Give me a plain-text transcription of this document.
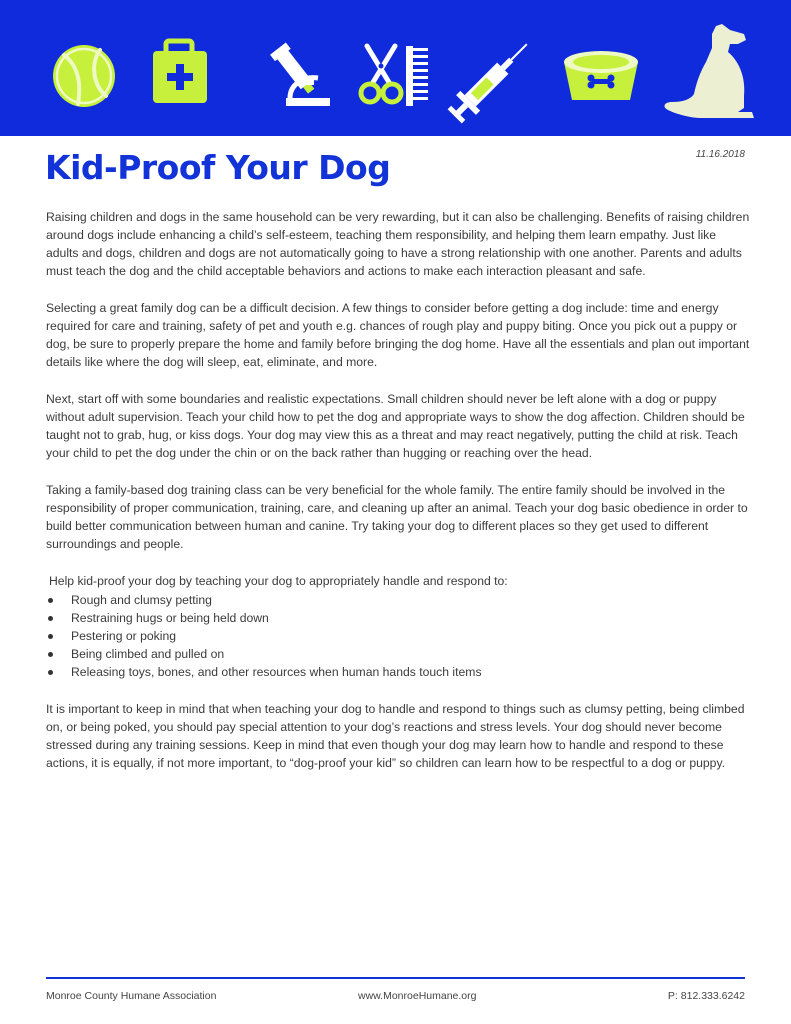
11.16.2018
Kid-Proof Your Dog

Raising children and dogs in the same household can be very rewarding, but it can also be challenging. Benefits of raising children around dogs include enhancing a child’s self-esteem, teaching them responsibility, and helping them learn empathy. Just like adults and dogs, children and dogs are not automatically going to have a strong relationship with one another. Parents and adults must teach the dog and the child acceptable behaviors and actions to make each interaction pleasant and safe.

Selecting a great family dog can be a difficult decision. A few things to consider before getting a dog include: time and energy required for care and training, safety of pet and youth e.g. chances of rough play and puppy biting. Once you pick out a puppy or dog, be sure to properly prepare the home and family before bringing the dog home. Have all the essentials and plan out important details like where the dog will sleep, eat, eliminate, and more.

Next, start off with some boundaries and realistic expectations. Small children should never be left alone with a dog or puppy without adult supervision. Teach your child how to pet the dog and appropriate ways to show the dog affection. Children should be taught not to grab, hug, or kiss dogs. Your dog may view this as a threat and may react negatively, putting the child at risk. Teach your child to pet the dog under the chin or on the back rather than hugging or reaching over the head.

Taking a family-based dog training class can be very beneficial for the whole family. The entire family should be involved in the responsibility of proper communication, training, care, and cleaning up after an animal. Teach your dog basic obedience in order to build better communication between human and canine. Try taking your dog to different places so they get used to different surroundings and people.

Help kid-proof your dog by teaching your dog to appropriately handle and respond to:
Rough and clumsy petting
Restraining hugs or being held down
Pestering or poking
Being climbed and pulled on
Releasing toys, bones, and other resources when human hands touch items

It is important to keep in mind that when teaching your dog to handle and respond to things such as clumsy petting, being climbed on, or being poked, you should pay special attention to your dog’s reactions and stress levels. Your dog should never become stressed during any training sessions. Keep in mind that even though your dog may learn how to handle and respond to these actions, it is equally, if not more important, to “dog-proof your kid” so children can learn how to be respectful to a dog or puppy.

Monroe County Humane Association	www.MonroeHumane.org	P: 812.333.6242
